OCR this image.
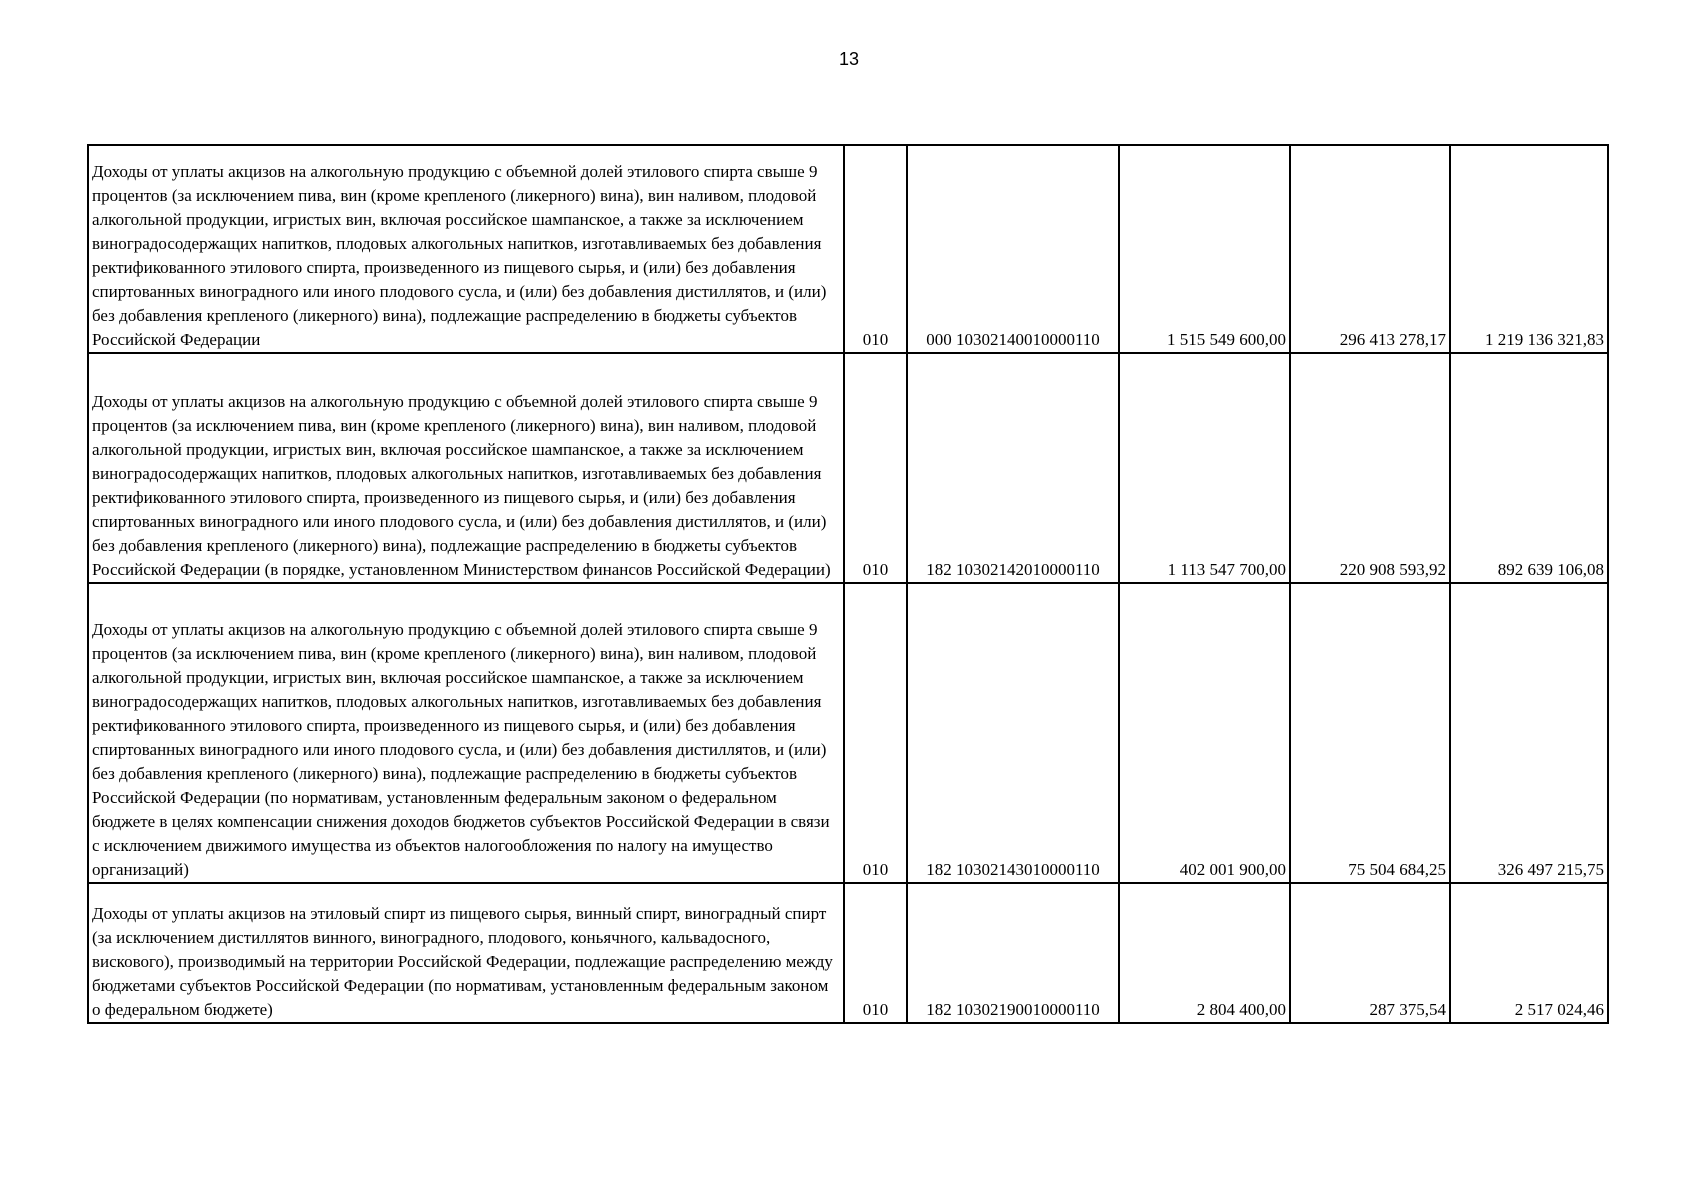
13
Доходы от уплаты акцизов на алкогольную продукцию с объемной долей этилового спирта свыше 9 процентов (за исключением пива, вин (кроме крепленого (ликерного) вина), вин наливом, плодовой алкогольной продукции, игристых вин, включая российское шампанское, а также за исключением виноградосодержащих напитков, плодовых алкогольных напитков, изготавливаемых без добавления ректификованного этилового спирта, произведенного из пищевого сырья, и (или) без добавления спиртованных виноградного или иного плодового сусла, и (или) без добавления дистиллятов, и (или) без добавления крепленого (ликерного) вина), подлежащие распределению в бюджеты субъектов Российской Федерации	010	000 10302140010000110	1 515 549 600,00	296 413 278,17	1 219 136 321,83

Доходы от уплаты акцизов на алкогольную продукцию с объемной долей этилового спирта свыше 9 процентов (за исключением пива, вин (кроме крепленого (ликерного) вина), вин наливом, плодовой алкогольной продукции, игристых вин, включая российское шампанское, а также за исключением виноградосодержащих напитков, плодовых алкогольных напитков, изготавливаемых без добавления ректификованного этилового спирта, произведенного из пищевого сырья, и (или) без добавления спиртованных виноградного или иного плодового сусла, и (или) без добавления дистиллятов, и (или) без добавления крепленого (ликерного) вина), подлежащие распределению в бюджеты субъектов Российской Федерации (в порядке, установленном Министерством финансов Российской Федерации)	010	182 10302142010000110	1 113 547 700,00	220 908 593,92	892 639 106,08

Доходы от уплаты акцизов на алкогольную продукцию с объемной долей этилового спирта свыше 9 процентов (за исключением пива, вин (кроме крепленого (ликерного) вина), вин наливом, плодовой алкогольной продукции, игристых вин, включая российское шампанское, а также за исключением виноградосодержащих напитков, плодовых алкогольных напитков, изготавливаемых без добавления ректификованного этилового спирта, произведенного из пищевого сырья, и (или) без добавления спиртованных виноградного или иного плодового сусла, и (или) без добавления дистиллятов, и (или) без добавления крепленого (ликерного) вина), подлежащие распределению в бюджеты субъектов Российской Федерации (по нормативам, установленным федеральным законом о федеральном бюджете в целях компенсации снижения доходов бюджетов субъектов Российской Федерации в связи с исключением движимого имущества из объектов налогообложения по налогу на имущество организаций)	010	182 10302143010000110	402 001 900,00	75 504 684,25	326 497 215,75

Доходы от уплаты акцизов на этиловый спирт из пищевого сырья, винный спирт, виноградный спирт (за исключением дистиллятов винного, виноградного, плодового, коньячного, кальвадосного, вискового), производимый на территории Российской Федерации, подлежащие распределению между бюджетами субъектов Российской Федерации (по нормативам, установленным федеральным законом о федеральном бюджете)	010	182 10302190010000110	2 804 400,00	287 375,54	2 517 024,46
